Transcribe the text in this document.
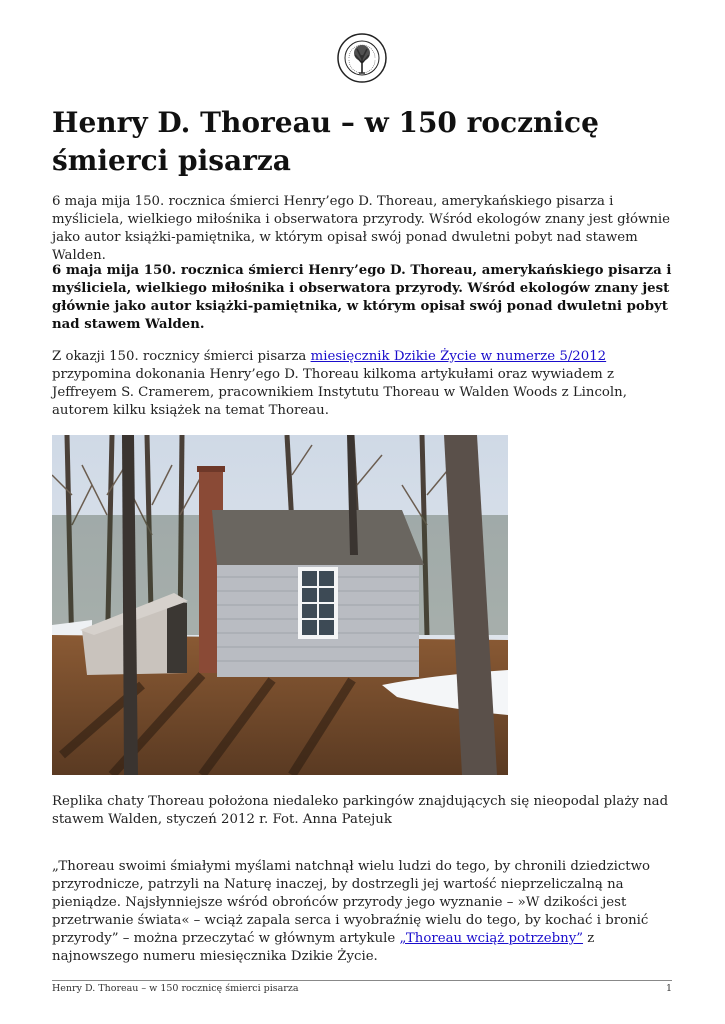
Henry D. Thoreau – w 150 rocznicę śmierci pisarza

6 maja mija 150. rocznica śmierci Henry’ego D. Thoreau, amerykańskiego pisarza i myśliciela, wielkiego miłośnika i obserwatora przyrody. Wśród ekologów znany jest głównie jako autor książki-pamiętnika, w którym opisał swój ponad dwuletni pobyt nad stawem Walden.

6 maja mija 150. rocznica śmierci Henry’ego D. Thoreau, amerykańskiego pisarza i myśliciela, wielkiego miłośnika i obserwatora przyrody. Wśród ekologów znany jest głównie jako autor książki-pamiętnika, w którym opisał swój ponad dwuletni pobyt nad stawem Walden.

Z okazji 150. rocznicy śmierci pisarza miesięcznik Dzikie Życie w numerze 5/2012 przypomina dokonania Henry’ego D. Thoreau kilkoma artykułami oraz wywiadem z Jeffreyem S. Cramerem, pracownikiem Instytutu Thoreau w Walden Woods z Lincoln, autorem kilku książek na temat Thoreau.

Replika chaty Thoreau położona niedaleko parkingów znajdujących się nieopodal plaży nad stawem Walden, styczeń 2012 r. Fot. Anna Patejuk

„Thoreau swoimi śmiałymi myślami natchnął wielu ludzi do tego, by chronili dziedzictwo przyrodnicze, patrzyli na Naturę inaczej, by dostrzegli jej wartość nieprzeliczalną na pieniądze. Najsłynniejsze wśród obrońców przyrody jego wyznanie – »W dzikości jest przetrwanie świata« – wciąż zapala serca i wyobraźnię wielu do tego, by kochać i bronić przyrody” – można przeczytać w głównym artykule „Thoreau wciąż potrzebny” z najnowszego numeru miesięcznika Dzikie Życie.

Henry D. Thoreau – w 150 rocznicę śmierci pisarza	1
